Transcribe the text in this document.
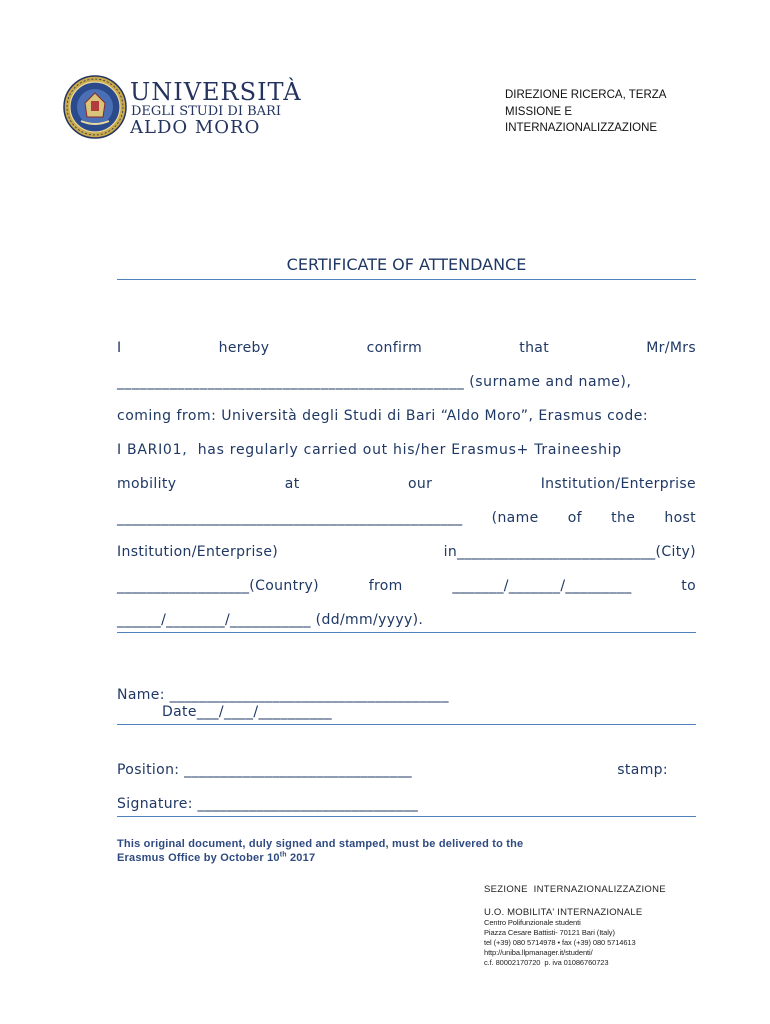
UNIVERSITÀ
DEGLI STUDI DI BARI
ALDO MORO
DIREZIONE RICERCA, TERZA
MISSIONE E
INTERNAZIONALIZZAZIONE
CERTIFICATE OF ATTENDANCE
I	hereby	confirm	that	Mr/Mrs
______________________________________________ (surname and name),
coming from: Università degli Studi di Bari “Aldo Moro”, Erasmus code:
I BARI01,  has regularly carried out his/her Erasmus+ Traineeship
mobility	at	our	Institution/Enterprise
_______________________________________________ (name of the host
Institution/Enterprise)	in___________________________(City)
__________________(Country)	from	_______/_______/_________	to
______/________/___________ (dd/mm/yyyy).
Name: ______________________________________
Date___/____/__________
Position: _______________________________	stamp:
Signature: ______________________________
This original document, duly signed and stamped, must be delivered to the
Erasmus Office by October 10th 2017
SEZIONE  INTERNAZIONALIZZAZIONE
U.O. MOBILITA' INTERNAZIONALE
Centro Polifunzionale studenti
Piazza Cesare Battisti- 70121 Bari (Italy)
tel (+39) 080 5714978 • fax (+39) 080 5714613
http://uniba.llpmanager.it/studenti/
c.f. 80002170720  p. iva 01086760723
